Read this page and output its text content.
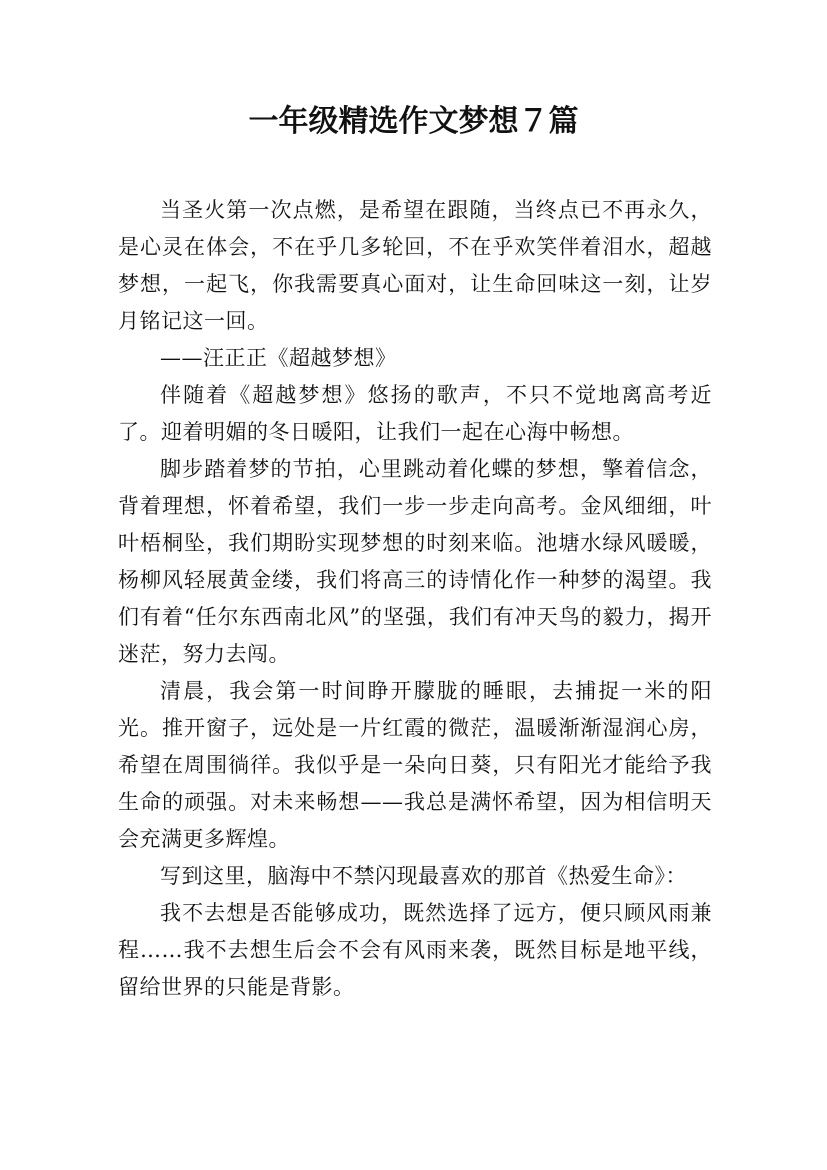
一年级精选作文梦想７篇

当圣火第一次点燃，是希望在跟随，当终点已不再永久，是心灵在体会，不在乎几多轮回，不在乎欢笑伴着泪水，超越梦想，一起飞，你我需要真心面对，让生命回味这一刻，让岁月铭记这一回。

——汪正正《超越梦想》

伴随着《超越梦想》悠扬的歌声，不只不觉地离高考近了。迎着明媚的冬日暖阳，让我们一起在心海中畅想。

脚步踏着梦的节拍，心里跳动着化蝶的梦想，擎着信念，背着理想，怀着希望，我们一步一步走向高考。金风细细，叶叶梧桐坠，我们期盼实现梦想的时刻来临。池塘水绿风暖暖，杨柳风轻展黄金缕，我们将高三的诗情化作一种梦的渴望。我们有着“任尔东西南北风”的坚强，我们有冲天鸟的毅力，揭开迷茫，努力去闯。

清晨，我会第一时间睁开朦胧的睡眼，去捕捉一米的阳光。推开窗子，远处是一片红霞的微茫，温暖渐渐湿润心房，希望在周围徜徉。我似乎是一朵向日葵，只有阳光才能给予我生命的顽强。对未来畅想——我总是满怀希望，因为相信明天会充满更多辉煌。

写到这里，脑海中不禁闪现最喜欢的那首《热爱生命》：

我不去想是否能够成功，既然选择了远方，便只顾风雨兼程……我不去想生后会不会有风雨来袭，既然目标是地平线，留给世界的只能是背影。
